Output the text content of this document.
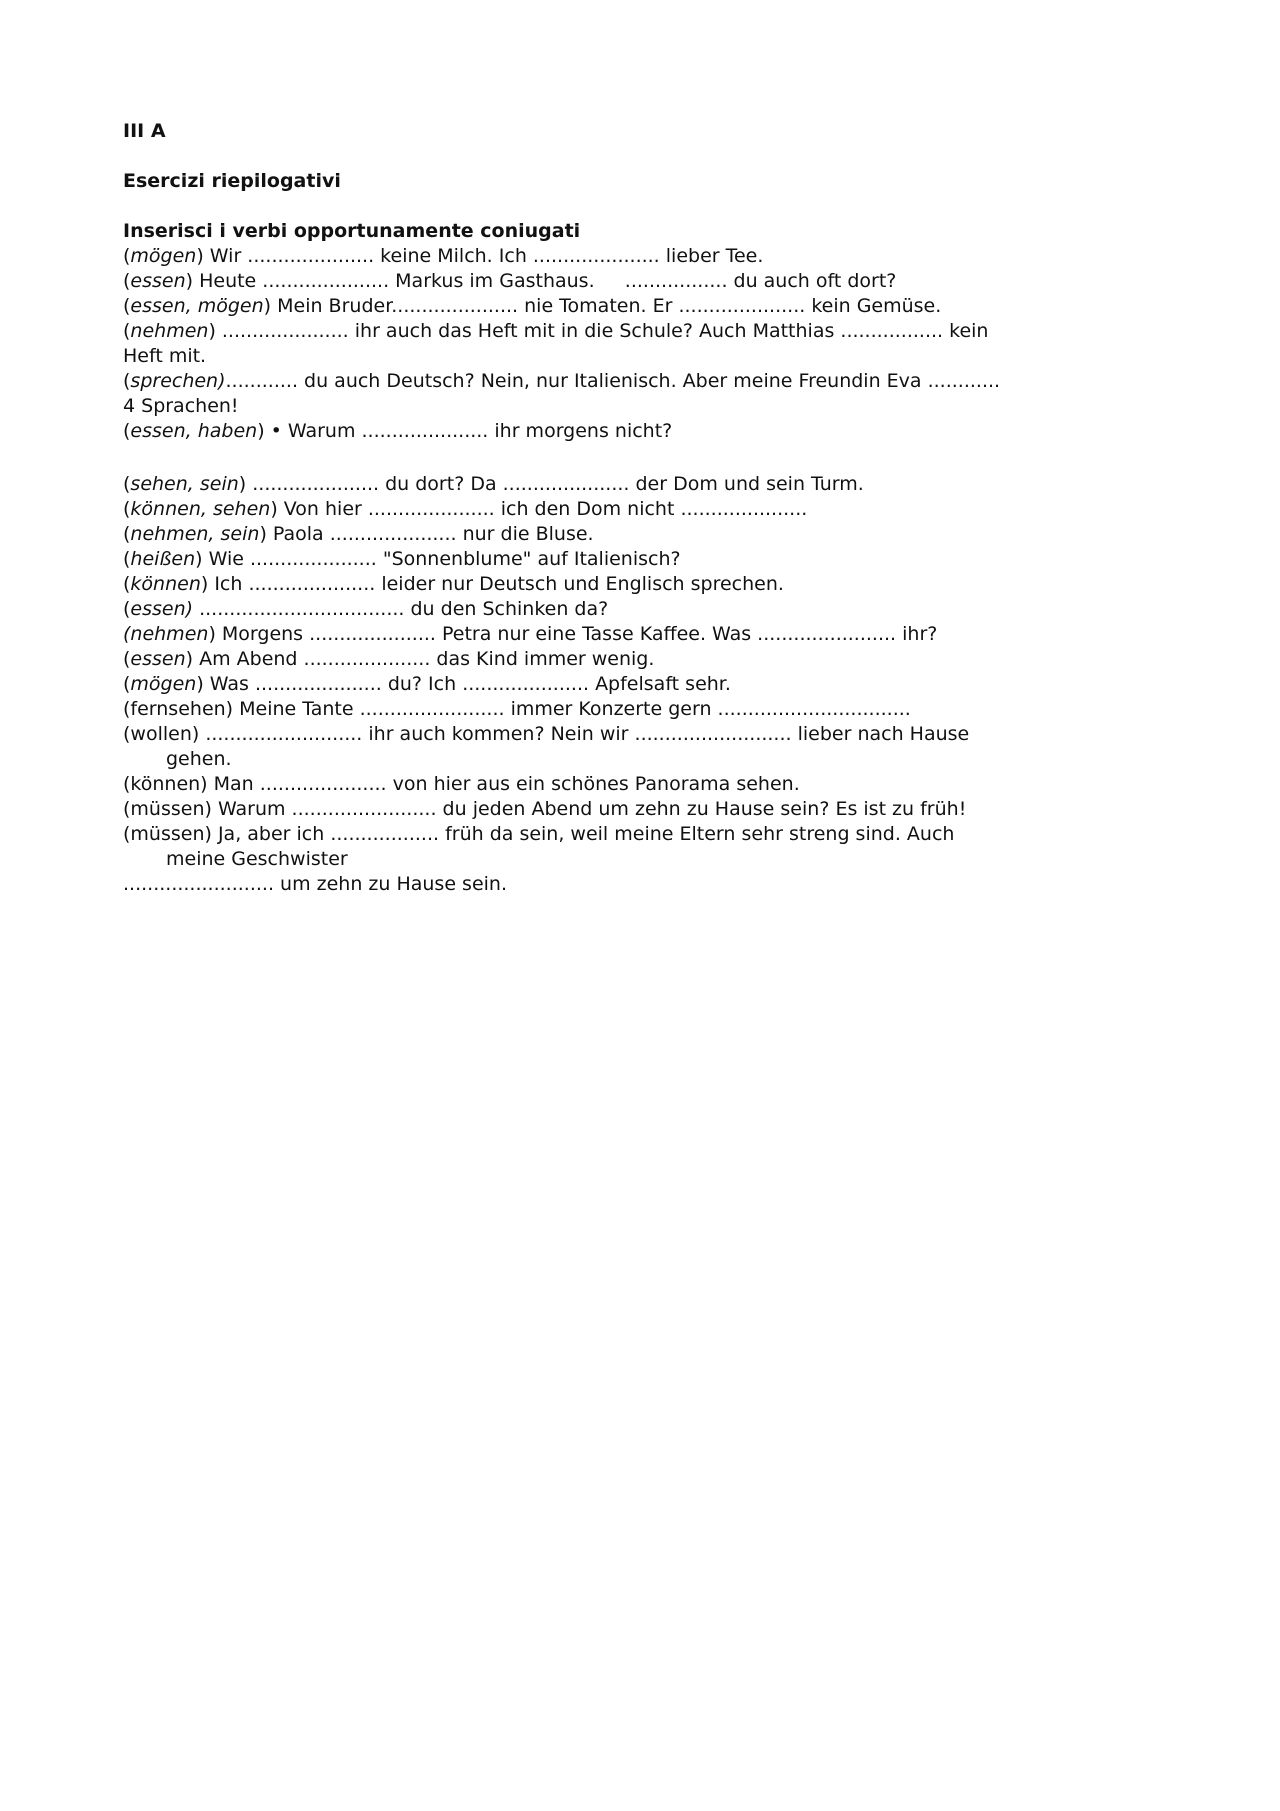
III A

Esercizi riepilogativi

Inserisci i verbi opportunamente coniugati

(mögen) Wir ..................... keine Milch. Ich ..................... lieber Tee.

(essen) Heute ..................... Markus im Gasthaus.     ................. du auch oft dort?

(essen, mögen) Mein Bruder..................... nie Tomaten. Er ..................... kein Gemüse.

(nehmen) ..................... ihr auch das Heft mit in die Schule? Auch Matthias ................. kein

Heft mit.

(sprechen)............ du auch Deutsch? Nein, nur Italienisch. Aber meine Freundin Eva ............

4 Sprachen!

(essen, haben) • Warum ..................... ihr morgens nicht?

(sehen, sein) ..................... du dort? Da ..................... der Dom und sein Turm.

(können, sehen) Von hier ..................... ich den Dom nicht .....................

(nehmen, sein) Paola ..................... nur die Bluse.

(heißen) Wie ..................... "Sonnenblume" auf Italienisch?

(können) Ich ..................... leider nur Deutsch und Englisch sprechen.

(essen) .................................. du den Schinken da?

(nehmen) Morgens ..................... Petra nur eine Tasse Kaffee. Was ....................... ihr?

(essen) Am Abend ..................... das Kind immer wenig.

(mögen) Was ..................... du? Ich ..................... Apfelsaft sehr.

(fernsehen) Meine Tante ........................ immer Konzerte gern ................................

(wollen) .......................... ihr auch kommen? Nein wir .......................... lieber nach Hause

gehen.

(können) Man ..................... von hier aus ein schönes Panorama sehen.

(müssen) Warum ........................ du jeden Abend um zehn zu Hause sein? Es ist zu früh!

(müssen) Ja, aber ich .................. früh da sein, weil meine Eltern sehr streng sind. Auch

meine Geschwister

......................... um zehn zu Hause sein.
